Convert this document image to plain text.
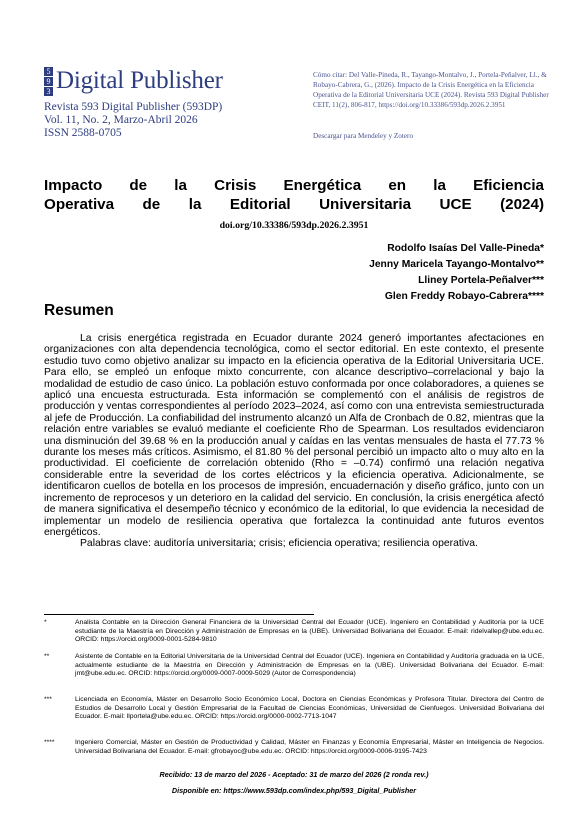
5
9
3 Digital Publisher
Revista 593 Digital Publisher (593DP)
Vol. 11, No. 2, Marzo-Abril 2026
ISSN 2588-0705
Cómo citar: Del Valle-Pineda, R., Tayango-Montalvo, J., Portela-Peñalver, Ll., & Robayo-Cabrera, G., (2026). Impacto de la Crisis Energética en la Eficiencia Operativa de la Editorial Universitaria UCE (2024). Revista 593 Digital Publisher CEIT, 11(2), 806-817, https://doi.org/10.33386/593dp.2026.2.3951
Descargar para Mendeley y Zotero
Impacto de la Crisis Energética en la Eficiencia
Operativa de la Editorial Universitaria UCE (2024)
doi.org/10.33386/593dp.2026.2.3951
Rodolfo Isaías Del Valle-Pineda*
Jenny Maricela Tayango-Montalvo**
Lliney Portela-Peñalver***
Glen Freddy Robayo-Cabrera****
Resumen

La crisis energética registrada en Ecuador durante 2024 generó importantes afectaciones en organizaciones con alta dependencia tecnológica, como el sector editorial. En este contexto, el presente estudio tuvo como objetivo analizar su impacto en la eficiencia operativa de la Editorial Universitaria UCE. Para ello, se empleó un enfoque mixto concurrente, con alcance descriptivo–correlacional y bajo la modalidad de estudio de caso único. La población estuvo conformada por once colaboradores, a quienes se aplicó una encuesta estructurada. Esta información se complementó con el análisis de registros de producción y ventas correspondientes al período 2023–2024, así como con una entrevista semiestructurada al jefe de Producción. La confiabilidad del instrumento alcanzó un Alfa de Cronbach de 0.82, mientras que la relación entre variables se evaluó mediante el coeficiente Rho de Spearman. Los resultados evidenciaron una disminución del 39.68 % en la producción anual y caídas en las ventas mensuales de hasta el 77.73 % durante los meses más críticos. Asimismo, el 81.80 % del personal percibió un impacto alto o muy alto en la productividad. El coeficiente de correlación obtenido (Rho = –0.74) confirmó una relación negativa considerable entre la severidad de los cortes eléctricos y la eficiencia operativa. Adicionalmente, se identificaron cuellos de botella en los procesos de impresión, encuadernación y diseño gráfico, junto con un incremento de reprocesos y un deterioro en la calidad del servicio. En conclusión, la crisis energética afectó de manera significativa el desempeño técnico y económico de la editorial, lo que evidencia la necesidad de implementar un modelo de resiliencia operativa que fortalezca la continuidad ante futuros eventos energéticos.

Palabras clave: auditoría universitaria; crisis; eficiencia operativa; resiliencia operativa.

*	Analista Contable en la Dirección General Financiera de la Universidad Central del Ecuador (UCE). Ingeniero en Contabilidad y Auditoría por la UCE estudiante de la Maestría en Dirección y Administración de Empresas en la (UBE). Universidad Bolivariana del Ecuador. E-mail: ridelvallep@ube.edu.ec. ORCID: https://orcid.org/0009-0001-5284-9810
**	Asistente de Contable en la Editorial Universitaria de la Universidad Central del Ecuador (UCE). Ingeniera en Contabilidad y Auditoría graduada en la UCE, actualmente estudiante de la Maestría en Dirección y Administración de Empresas en la (UBE). Universidad Bolivariana del Ecuador. E-mail: jmt@ube.edu.ec. ORCID: https://orcid.org/0009-0007-0009-5029 (Autor de Correspondencia)
***	Licenciada en Economía, Máster en Desarrollo Socio Económico Local, Doctora en Ciencias Económicas y Profesora Titular. Directora del Centro de Estudios de Desarrollo Local y Gestión Empresarial de la Facultad de Ciencias Económicas, Universidad de Cienfuegos. Universidad Bolivariana del Ecuador. E-mail: llportela@ube.edu.ec. ORCID: https://orcid.org/0000-0002-7713-1047
****	Ingeniero Comercial, Máster en Gestión de Productividad y Calidad, Máster en Finanzas y Economía Empresarial, Máster en Inteligencia de Negocios. Universidad Bolivariana del Ecuador. E-mail: gfrobayoc@ube.edu.ec. ORCID: https://orcid.org/0009-0006-9195-7423
Recibido: 13 de marzo del 2026 - Aceptado: 31 de marzo del 2026 (2 ronda rev.)
Disponible en: https://www.593dp.com/index.php/593_Digital_Publisher
